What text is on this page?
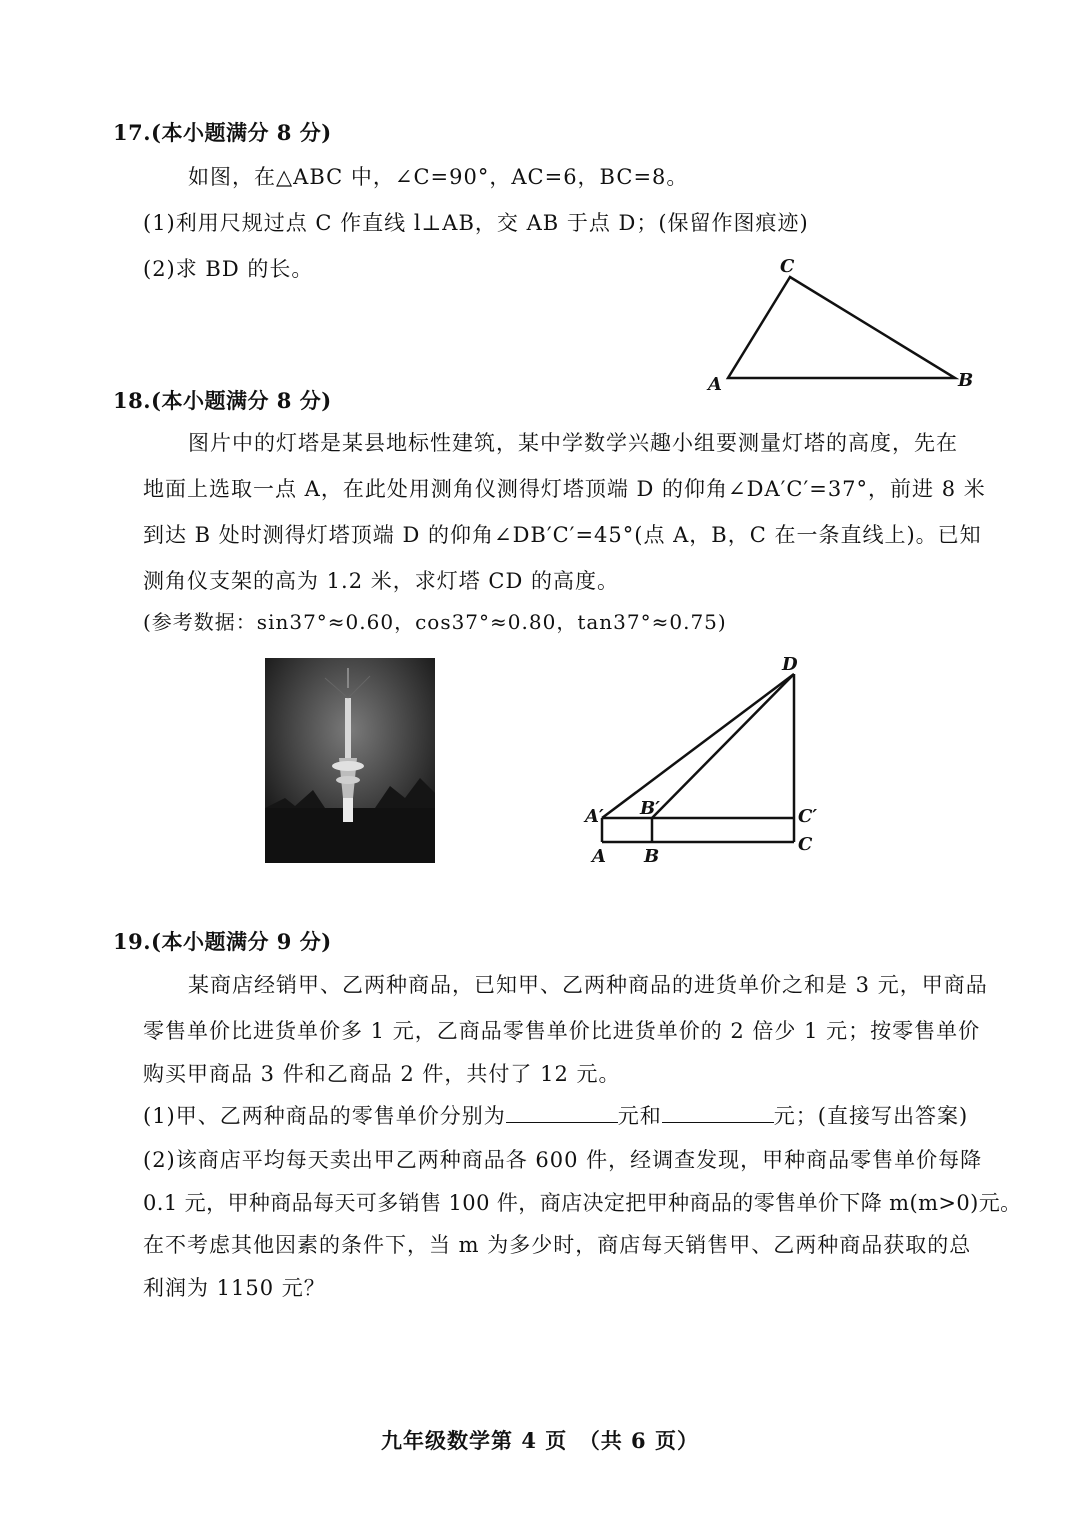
17.(本小题满分 8 分)
如图，在△ABC 中，∠C=90°，AC=6，BC=8。
(1)利用尺规过点 C 作直线 l⊥AB，交 AB 于点 D；(保留作图痕迹)
(2)求 BD 的长。	C
A	B
18.(本小题满分 8 分)
图片中的灯塔是某县地标性建筑，某中学数学兴趣小组要测量灯塔的高度，先在
地面上选取一点 A，在此处用测角仪测得灯塔顶端 D 的仰角∠DA′C′=37°，前进 8 米
到达 B 处时测得灯塔顶端 D 的仰角∠DB′C′=45°(点 A，B，C 在一条直线上)。已知
测角仪支架的高为 1.2 米，求灯塔 CD 的高度。
(参考数据：sin37°≈0.60，cos37°≈0.80，tan37°≈0.75)
D
A′ B′	C′
A B
C
19.(本小题满分 9 分)
某商店经销甲、乙两种商品，已知甲、乙两种商品的进货单价之和是 3 元，甲商品
零售单价比进货单价多 1 元，乙商品零售单价比进货单价的 2 倍少 1 元；按零售单价
购买甲商品 3 件和乙商品 2 件，共付了 12 元。
(1)甲、乙两种商品的零售单价分别为	元和	元；(直接写出答案)
(2)该商店平均每天卖出甲乙两种商品各 600 件，经调查发现，甲种商品零售单价每降
0.1 元，甲种商品每天可多销售 100 件，商店决定把甲种商品的零售单价下降 m(m>0)元。
在不考虑其他因素的条件下，当 m 为多少时，商店每天销售甲、乙两种商品获取的总
利润为 1150 元？
九年级数学第 4 页　（共 6 页）
